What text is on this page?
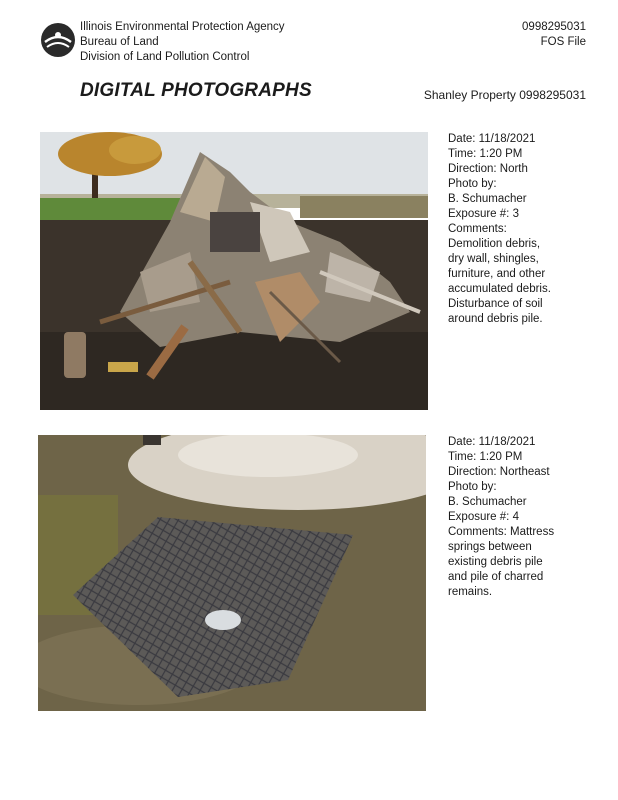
Illinois Environmental Protection Agency
Bureau of Land
Division of Land Pollution Control
0998295031
FOS File
DIGITAL PHOTOGRAPHS	Shanley Property 0998295031
Date: 11/18/2021
Time: 1:20 PM
Direction: North
Photo by:
B. Schumacher
Exposure #: 3
Comments:
Demolition debris,
dry wall, shingles,
furniture, and other
accumulated debris.
Disturbance of soil
around debris pile.
Date: 11/18/2021
Time: 1:20 PM
Direction: Northeast
Photo by:
B. Schumacher
Exposure #: 4
Comments: Mattress
springs between
existing debris pile
and pile of charred
remains.
